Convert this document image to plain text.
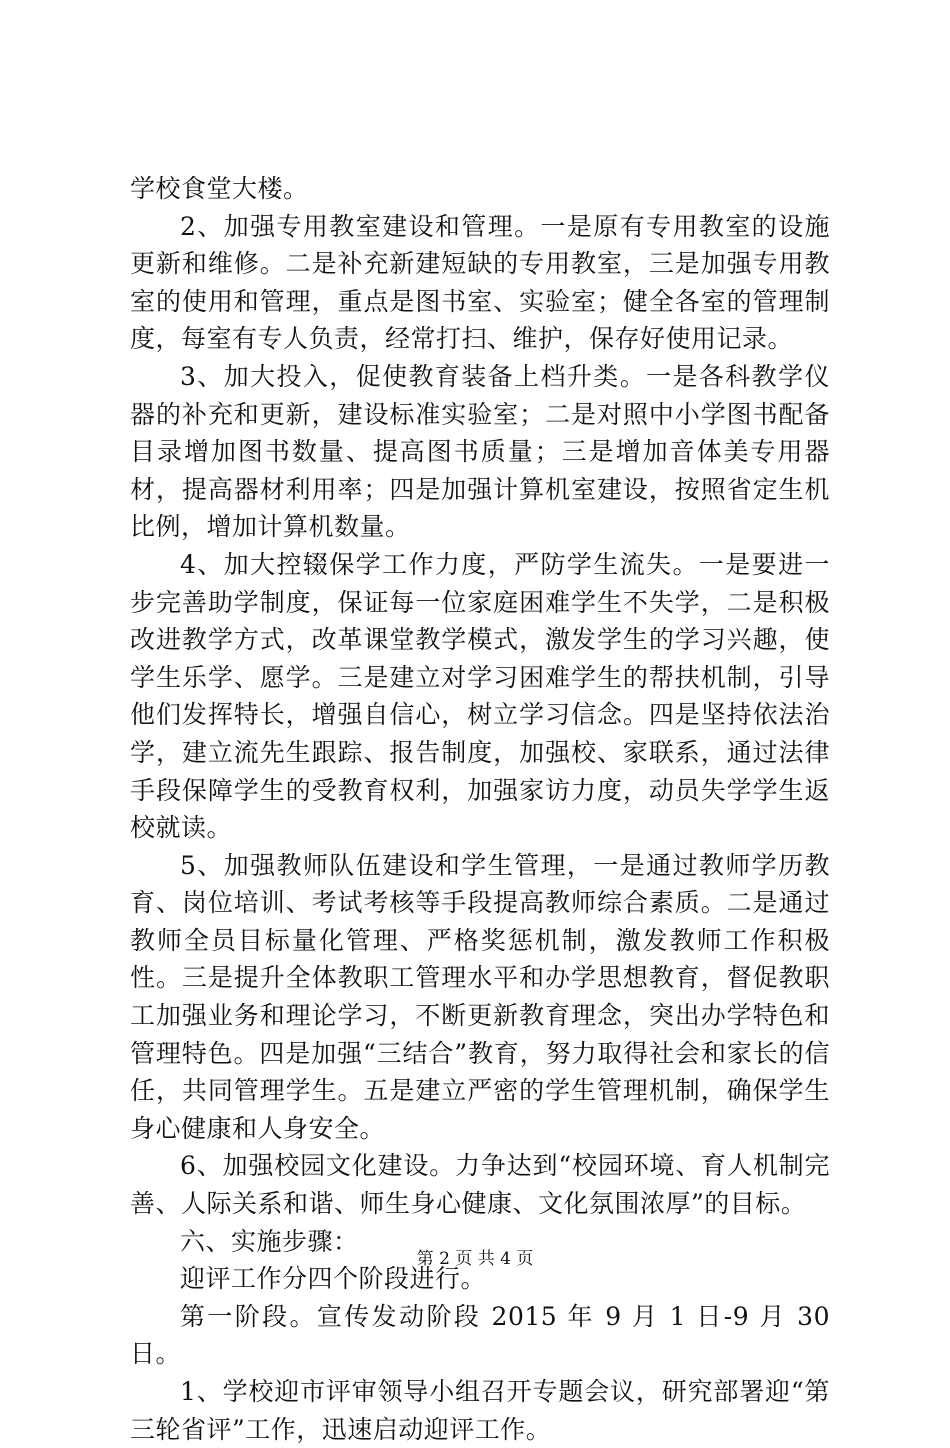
学校食堂大楼。

2、加强专用教室建设和管理。一是原有专用教室的设施更新和维修。二是补充新建短缺的专用教室，三是加强专用教室的使用和管理，重点是图书室、实验室；健全各室的管理制度，每室有专人负责，经常打扫、维护，保存好使用记录。

3、加大投入，促使教育装备上档升类。一是各科教学仪器的补充和更新，建设标准实验室；二是对照中小学图书配备目录增加图书数量、提高图书质量；三是增加音体美专用器材，提高器材利用率；四是加强计算机室建设，按照省定生机比例，增加计算机数量。

4、加大控辍保学工作力度，严防学生流失。一是要进一步完善助学制度，保证每一位家庭困难学生不失学，二是积极改进教学方式，改革课堂教学模式，激发学生的学习兴趣，使学生乐学、愿学。三是建立对学习困难学生的帮扶机制，引导他们发挥特长，增强自信心，树立学习信念。四是坚持依法治学，建立流先生跟踪、报告制度，加强校、家联系，通过法律手段保障学生的受教育权利，加强家访力度，动员失学学生返校就读。

5、加强教师队伍建设和学生管理，一是通过教师学历教育、岗位培训、考试考核等手段提高教师综合素质。二是通过教师全员目标量化管理、严格奖惩机制，激发教师工作积极性。三是提升全体教职工管理水平和办学思想教育，督促教职工加强业务和理论学习，不断更新教育理念，突出办学特色和管理特色。四是加强“三结合”教育，努力取得社会和家长的信任，共同管理学生。五是建立严密的学生管理机制，确保学生身心健康和人身安全。

6、加强校园文化建设。力争达到“校园环境、育人机制完善、人际关系和谐、师生身心健康、文化氛围浓厚”的目标。

六、实施步骤：

迎评工作分四个阶段进行。

第一阶段。宣传发动阶段 2015 年 9 月 1 日-9 月 30 日。

1、学校迎市评审领导小组召开专题会议，研究部署迎“第三轮省评”工作，迅速启动迎评工作。

第 2 页 共 4 页
